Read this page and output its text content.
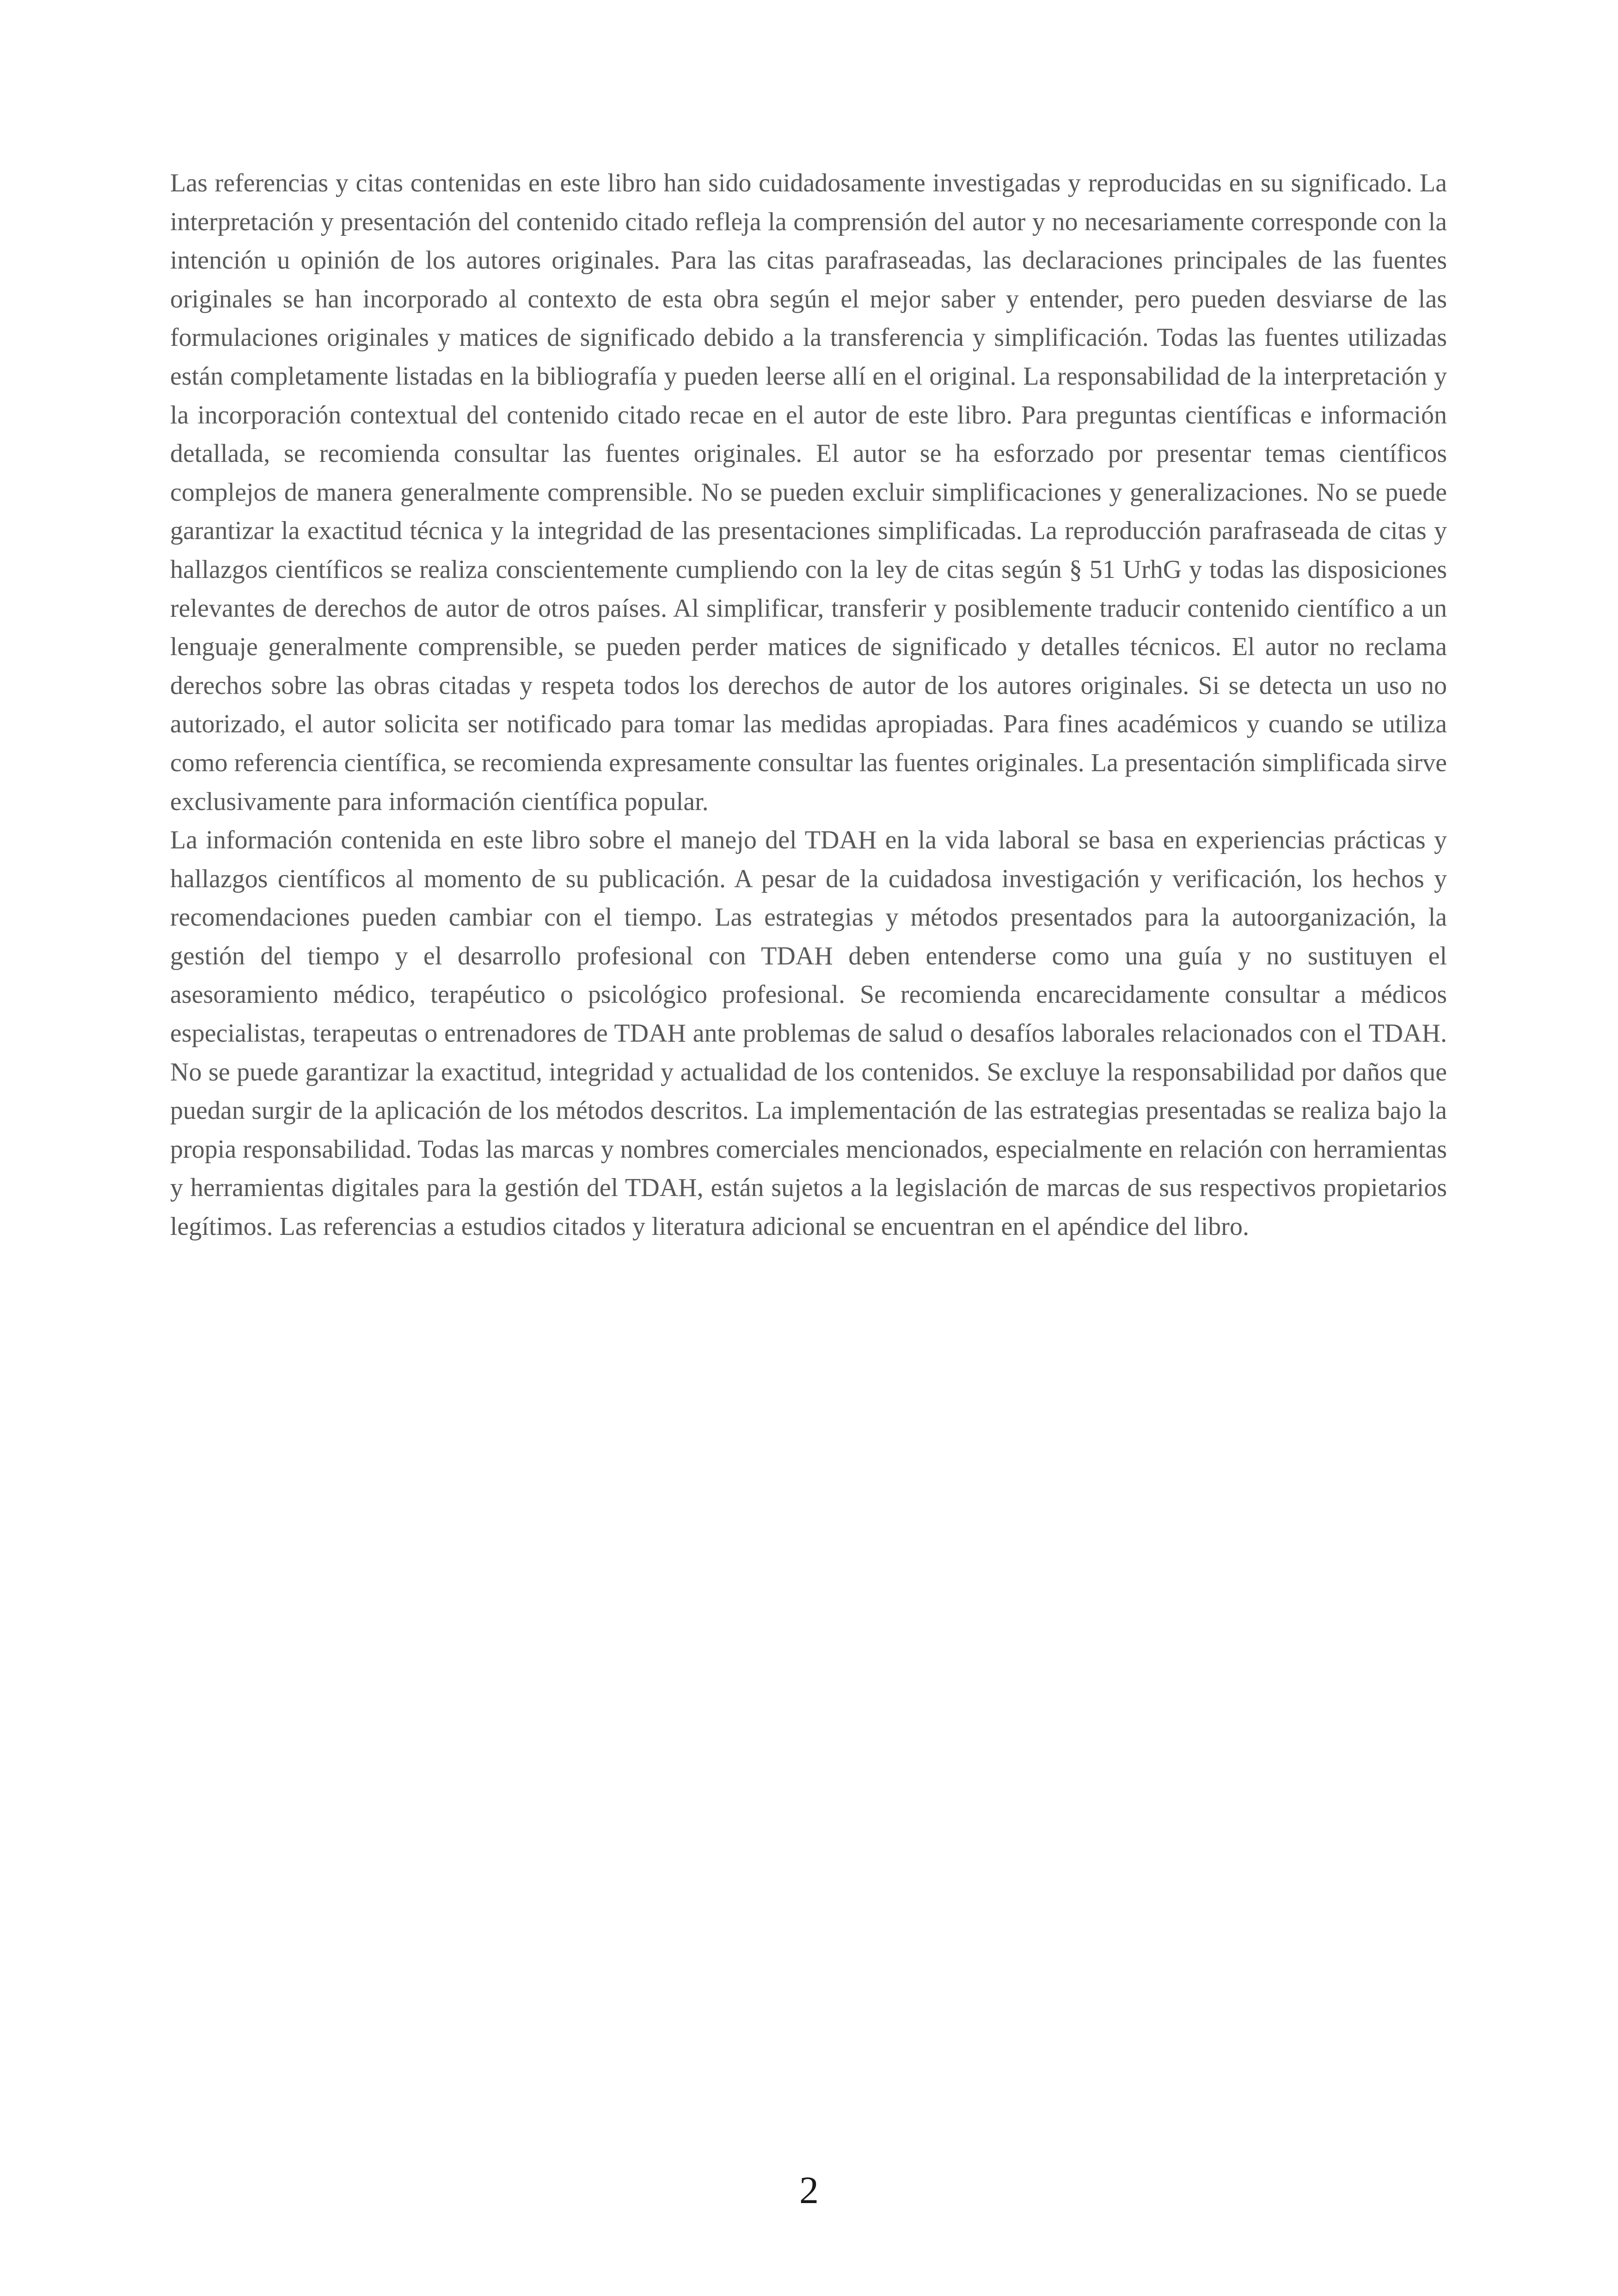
Las referencias y citas contenidas en este libro han sido cuidadosamente investigadas y reproducidas en su significado. La interpretación y presentación del contenido citado refleja la comprensión del autor y no necesariamente corresponde con la intención u opinión de los autores originales. Para las citas parafraseadas, las declaraciones principales de las fuentes originales se han incorporado al contexto de esta obra según el mejor saber y entender, pero pueden desviarse de las formulaciones originales y matices de significado debido a la transferencia y simplificación. Todas las fuentes utilizadas están completamente listadas en la bibliografía y pueden leerse allí en el original. La responsabilidad de la interpretación y la incorporación contextual del contenido citado recae en el autor de este libro. Para preguntas científicas e información detallada, se recomienda consultar las fuentes originales. El autor se ha esforzado por presentar temas científicos complejos de manera generalmente comprensible. No se pueden excluir simplificaciones y generalizaciones. No se puede garantizar la exactitud técnica y la integridad de las presentaciones simplificadas. La reproducción parafraseada de citas y hallazgos científicos se realiza conscientemente cumpliendo con la ley de citas según § 51 UrhG y todas las disposiciones relevantes de derechos de autor de otros países. Al simplificar, transferir y posiblemente traducir contenido científico a un lenguaje generalmente comprensible, se pueden perder matices de significado y detalles técnicos. El autor no reclama derechos sobre las obras citadas y respeta todos los derechos de autor de los autores originales. Si se detecta un uso no autorizado, el autor solicita ser notificado para tomar las medidas apropiadas. Para fines académicos y cuando se utiliza como referencia científica, se recomienda expresamente consultar las fuentes originales. La presentación simplificada sirve exclusivamente para información científica popular.

La información contenida en este libro sobre el manejo del TDAH en la vida laboral se basa en experiencias prácticas y hallazgos científicos al momento de su publicación. A pesar de la cuidadosa investigación y verificación, los hechos y recomendaciones pueden cambiar con el tiempo. Las estrategias y métodos presentados para la autoorganización, la gestión del tiempo y el desarrollo profesional con TDAH deben entenderse como una guía y no sustituyen el asesoramiento médico, terapéutico o psicológico profesional. Se recomienda encarecidamente consultar a médicos especialistas, terapeutas o entrenadores de TDAH ante problemas de salud o desafíos laborales relacionados con el TDAH. No se puede garantizar la exactitud, integridad y actualidad de los contenidos. Se excluye la responsabilidad por daños que puedan surgir de la aplicación de los métodos descritos. La implementación de las estrategias presentadas se realiza bajo la propia responsabilidad. Todas las marcas y nombres comerciales mencionados, especialmente en relación con herramientas y herramientas digitales para la gestión del TDAH, están sujetos a la legislación de marcas de sus respectivos propietarios legítimos. Las referencias a estudios citados y literatura adicional se encuentran en el apéndice del libro.

2
